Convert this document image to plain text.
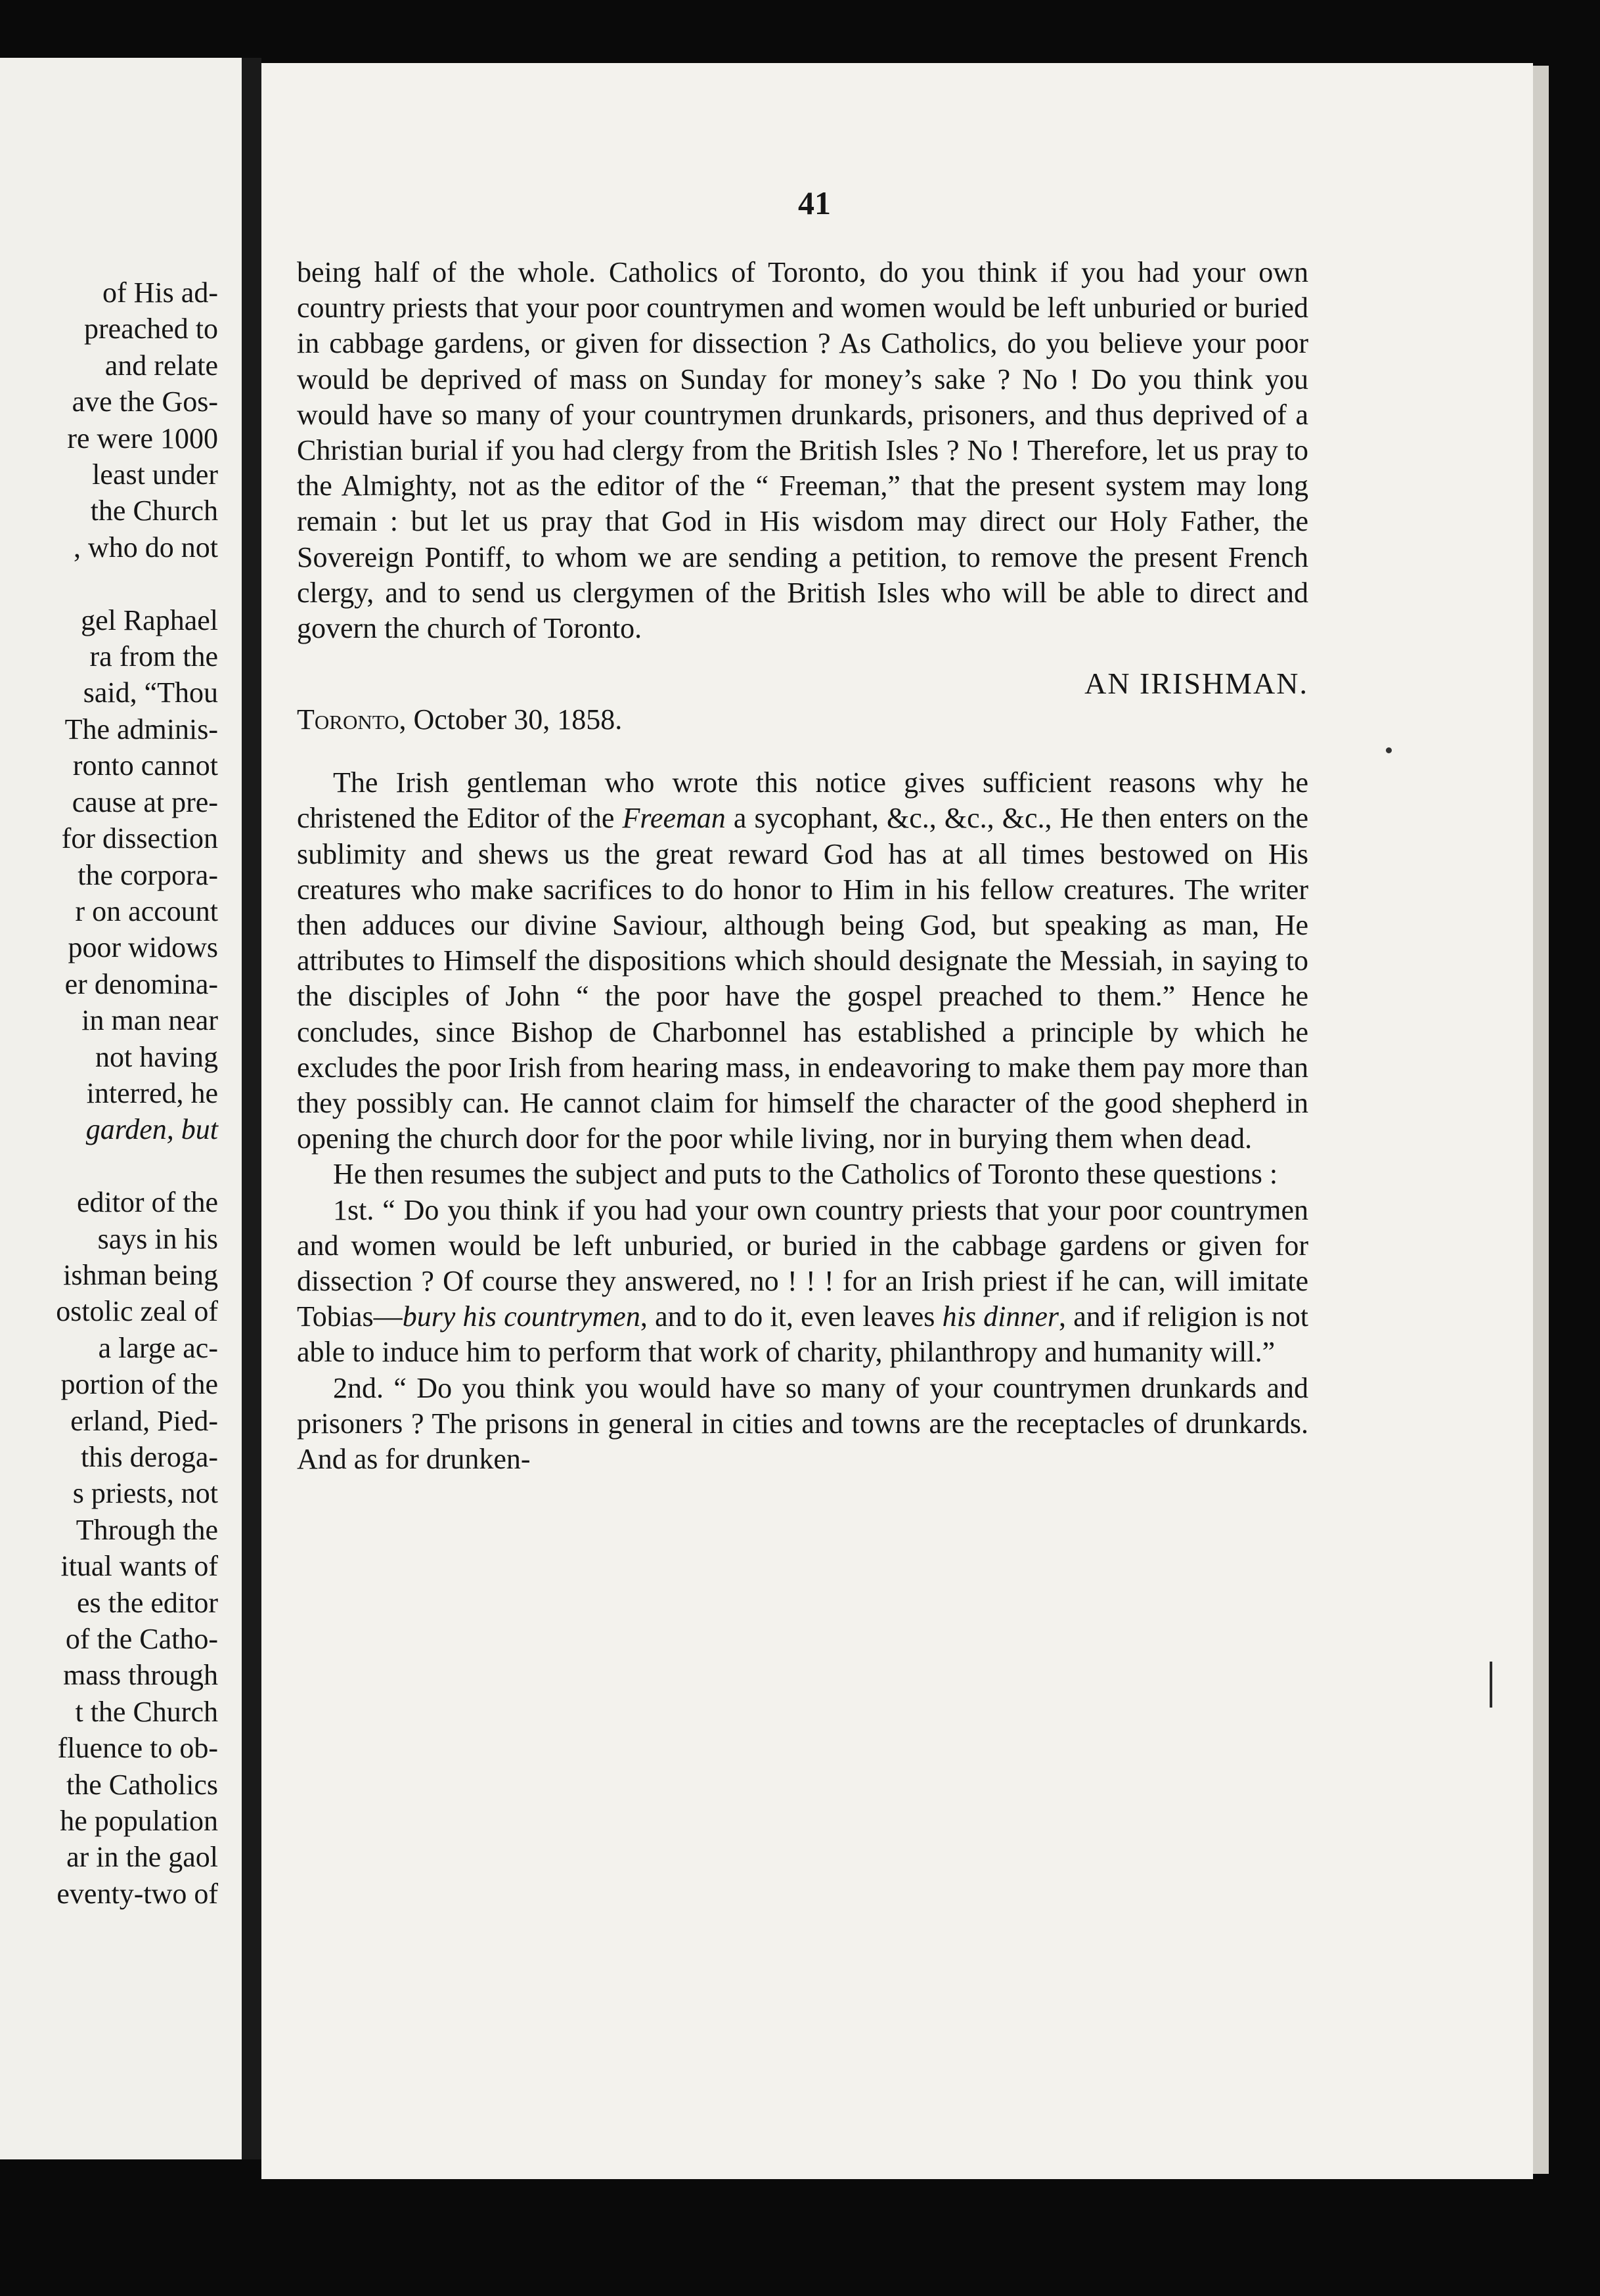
of His ad-
preached to
and relate
ave the Gos-
re were 1000
least under
the Church
, who do not

gel Raphael
ra from the
said, “Thou
The adminis-
ronto cannot
cause at pre-
for dissection
the corpora-
r on account
poor widows
er denomina-
in man near
not having
interred, he
garden, but

editor of the
says in his
ishman being
ostolic zeal of
a large ac-
portion of the
erland, Pied-
this deroga-
s priests, not
Through the
itual wants of
es the editor
of the Catho-
mass through
t the Church
fluence to ob-
the Catholics
he population
ar in the gaol
eventy-two of
41

being half of the whole. Catholics of Toronto, do you think if you had your own country priests that your poor countrymen and women would be left unburied or buried in cabbage gardens, or given for dissection ? As Catholics, do you believe your poor would be deprived of mass on Sunday for money’s sake ? No ! Do you think you would have so many of your countrymen drunkards, prisoners, and thus deprived of a Christian burial if you had clergy from the British Isles ? No ! Therefore, let us pray to the Almighty, not as the editor of the “ Freeman,” that the present system may long remain : but let us pray that God in His wisdom may direct our Holy Father, the Sovereign Pontiff, to whom we are sending a petition, to remove the present French clergy, and to send us clergymen of the British Isles who will be able to direct and govern the church of Toronto.

AN IRISHMAN.
Toronto, October 30, 1858.

The Irish gentleman who wrote this notice gives sufficient reasons why he christened the Editor of the Freeman a sycophant, &c., &c., &c., He then enters on the sublimity and shews us the great reward God has at all times bestowed on His creatures who make sacrifices to do honor to Him in his fellow creatures. The writer then adduces our divine Saviour, although being God, but speaking as man, He attributes to Himself the dispositions which should designate the Messiah, in saying to the disciples of John “ the poor have the gospel preached to them.” Hence he concludes, since Bishop de Charbonnel has established a principle by which he excludes the poor Irish from hearing mass, in endeavoring to make them pay more than they possibly can. He cannot claim for himself the character of the good shepherd in opening the church door for the poor while living, nor in burying them when dead.

He then resumes the subject and puts to the Catholics of Toronto these questions :

1st. “ Do you think if you had your own country priests that your poor countrymen and women would be left unburied, or buried in the cabbage gardens or given for dissection ? Of course they answered, no ! ! ! for an Irish priest if he can, will imitate Tobias—bury his countrymen, and to do it, even leaves his dinner, and if religion is not able to induce him to perform that work of charity, philanthropy and humanity will.”

2nd. “ Do you think you would have so many of your countrymen drunkards and prisoners ? The prisons in general in cities and towns are the receptacles of drunkards. And as for drunken-
